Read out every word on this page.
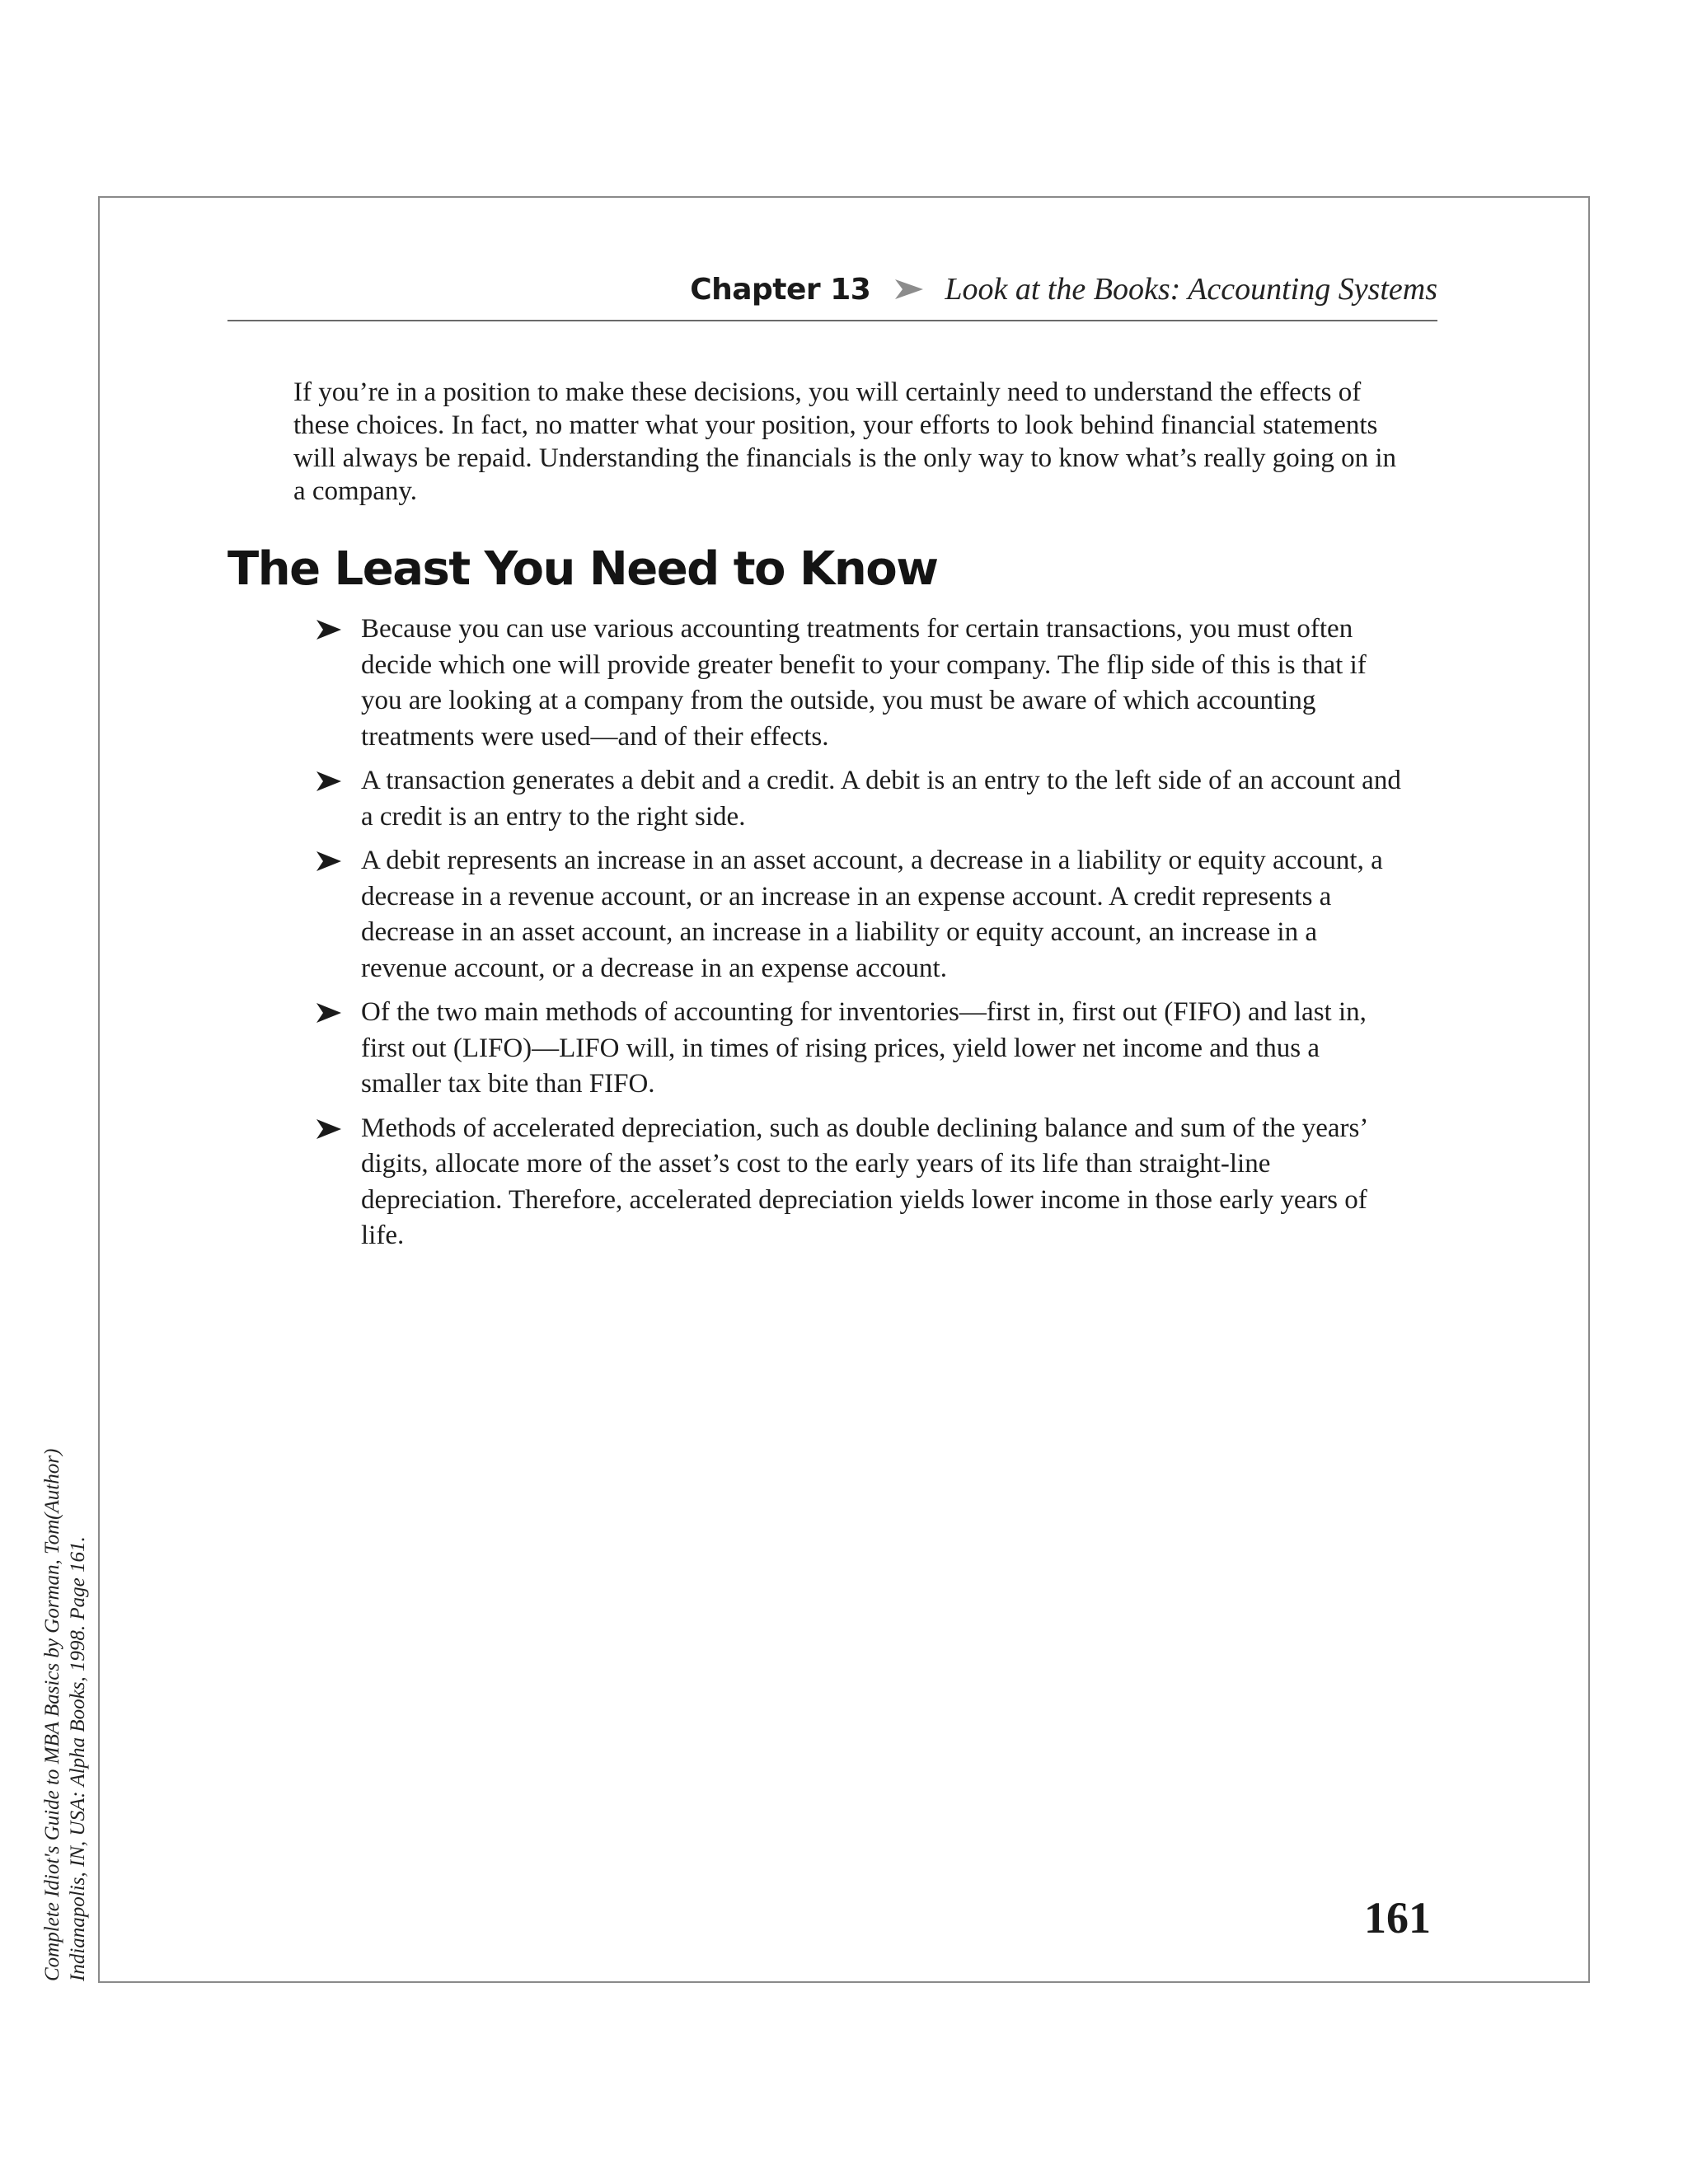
Chapter 13 Look at the Books: Accounting Systems

If you’re in a position to make these decisions, you will certainly need to understand the effects of these choices. In fact, no matter what your position, your efforts to look behind financial statements will always be repaid. Understanding the financials is the only way to know what’s really going on in a company.

The Least You Need to Know
Because you can use various accounting treatments for certain transactions, you must often decide which one will provide greater benefit to your company. The flip side of this is that if you are looking at a company from the outside, you must be aware of which accounting treatments were used—and of their effects.
A transaction generates a debit and a credit. A debit is an entry to the left side of an account and a credit is an entry to the right side.
A debit represents an increase in an asset account, a decrease in a liability or equity account, a decrease in a revenue account, or an increase in an expense account. A credit represents a decrease in an asset account, an increase in a liability or equity account, an increase in a revenue account, or a decrease in an expense account.
Of the two main methods of accounting for inventories—first in, first out (FIFO) and last in, first out (LIFO)—LIFO will, in times of rising prices, yield lower net income and thus a smaller tax bite than FIFO.
Methods of accelerated depreciation, such as double declining balance and sum of the years’ digits, allocate more of the asset’s cost to the early years of its life than straight-line depreciation. Therefore, accelerated depreciation yields lower income in those early years of life.
161
Complete Idiot's Guide to MBA Basics by Gorman, Tom(Author) Indianapolis, IN, USA: Alpha Books, 1998. Page 161.
